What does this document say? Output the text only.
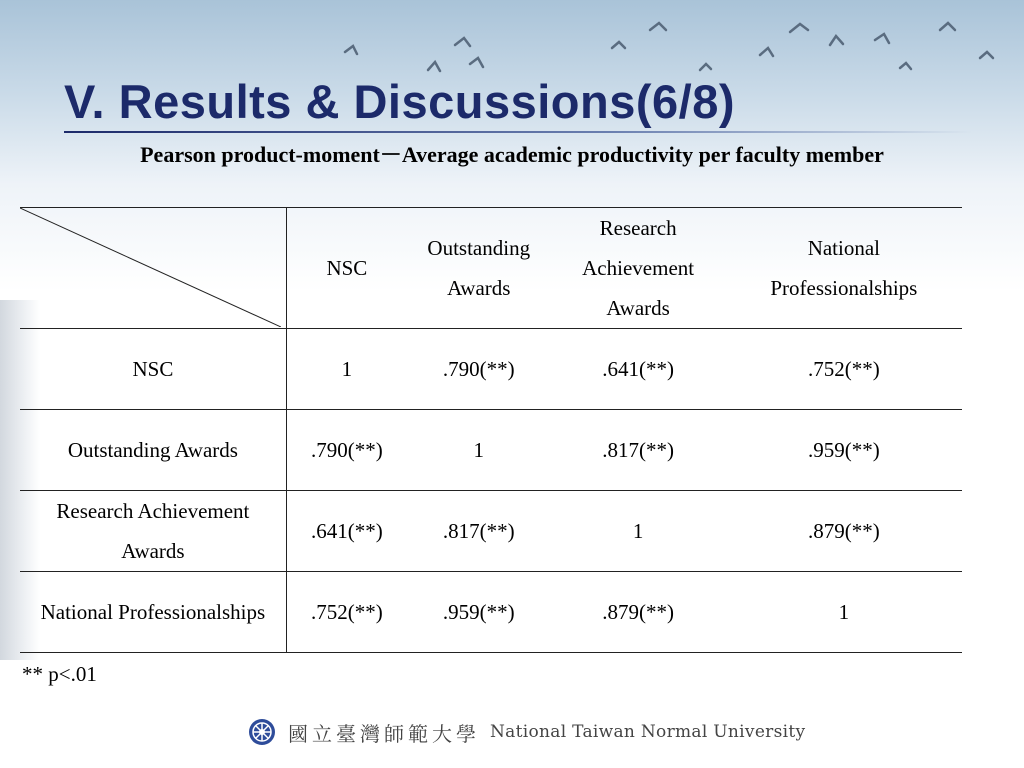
V. Results & Discussions(6/8)
Pearson product-moment－Average academic productivity per faculty member
	NSC	Outstanding Awards	Research Achievement Awards	National Professionalships
NSC	1	.790(**)	.641(**)	.752(**)
Outstanding Awards	.790(**)	1	.817(**)	.959(**)
Research Achievement Awards	.641(**)	.817(**)	1	.879(**)
National Professionalships	.752(**)	.959(**)	.879(**)	1
** p<.01
國立臺灣師範大學 National Taiwan Normal University
